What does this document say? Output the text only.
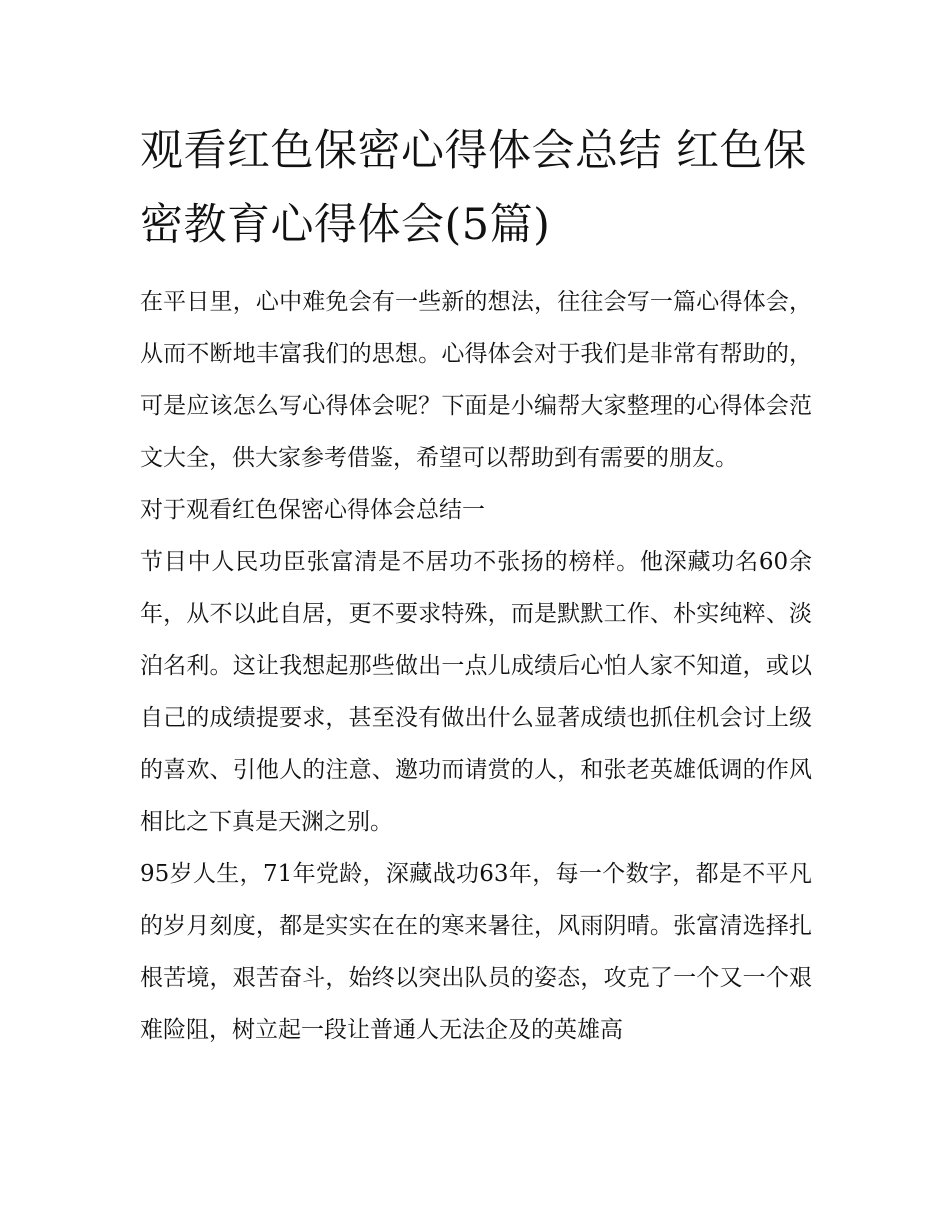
观看红色保密心得体会总结 红色保密教育心得体会(5篇)

在平日里，心中难免会有一些新的想法，往往会写一篇心得体会，从而不断地丰富我们的思想。心得体会对于我们是非常有帮助的，可是应该怎么写心得体会呢？下面是小编帮大家整理的心得体会范文大全，供大家参考借鉴，希望可以帮助到有需要的朋友。

对于观看红色保密心得体会总结一

节目中人民功臣张富清是不居功不张扬的榜样。他深藏功名60余年，从不以此自居，更不要求特殊，而是默默工作、朴实纯粹、淡泊名利。这让我想起那些做出一点儿成绩后心怕人家不知道，或以自己的成绩提要求，甚至没有做出什么显著成绩也抓住机会讨上级的喜欢、引他人的注意、邀功而请赏的人，和张老英雄低调的作风相比之下真是天渊之别。

95岁人生，71年党龄，深藏战功63年，每一个数字，都是不平凡的岁月刻度，都是实实在在的寒来暑往，风雨阴晴。张富清选择扎根苦境，艰苦奋斗，始终以突出队员的姿态，攻克了一个又一个艰难险阻，树立起一段让普通人无法企及的英雄高
